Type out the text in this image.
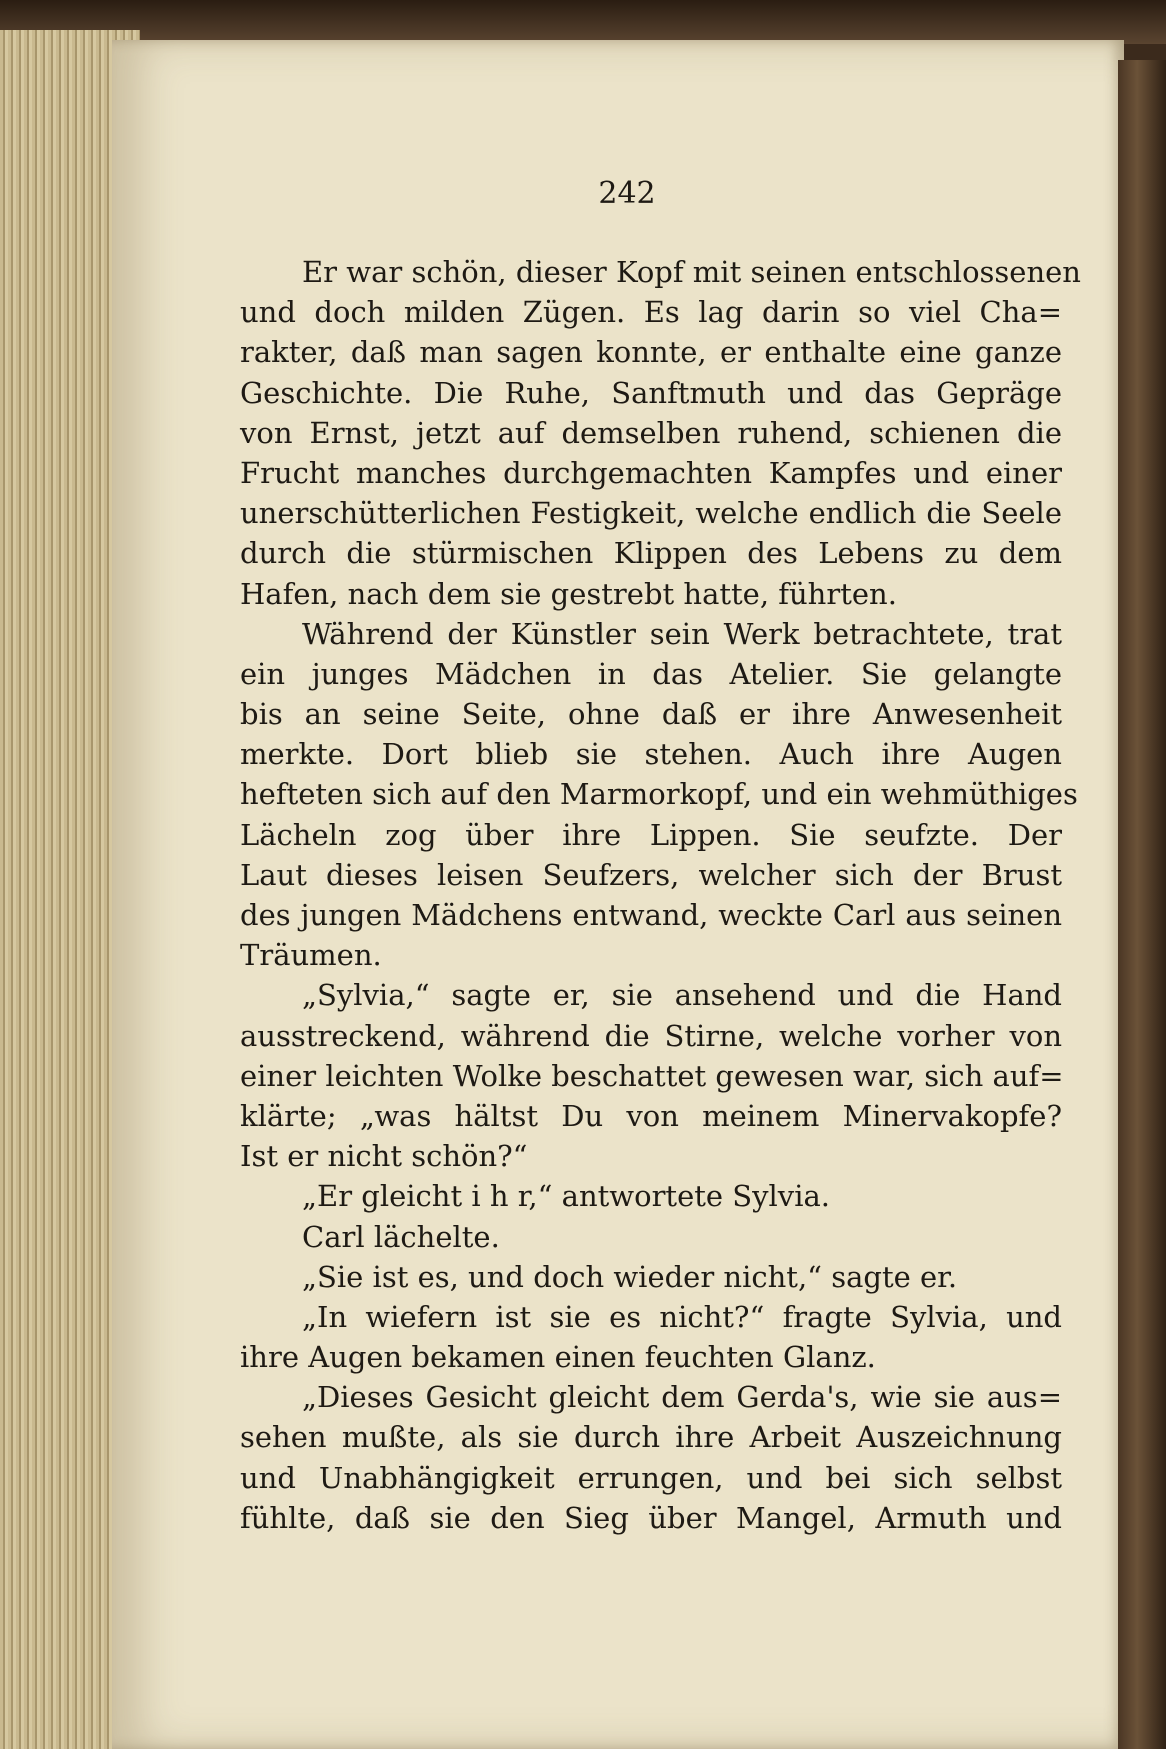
242
Er war schön, dieser Kopf mit seinen entschlossenen
und doch milden Zügen. Es lag darin so viel Cha=
rakter, daß man sagen konnte, er enthalte eine ganze
Geschichte. Die Ruhe, Sanftmuth und das Gepräge
von Ernst, jetzt auf demselben ruhend, schienen die
Frucht manches durchgemachten Kampfes und einer
unerschütterlichen Festigkeit, welche endlich die Seele
durch die stürmischen Klippen des Lebens zu dem
Hafen, nach dem sie gestrebt hatte, führten.
Während der Künstler sein Werk betrachtete, trat
ein junges Mädchen in das Atelier. Sie gelangte
bis an seine Seite, ohne daß er ihre Anwesenheit
merkte. Dort blieb sie stehen. Auch ihre Augen
hefteten sich auf den Marmorkopf, und ein wehmüthiges
Lächeln zog über ihre Lippen. Sie seufzte. Der
Laut dieses leisen Seufzers, welcher sich der Brust
des jungen Mädchens entwand, weckte Carl aus seinen
Träumen.
„Sylvia,“ sagte er, sie ansehend und die Hand
ausstreckend, während die Stirne, welche vorher von
einer leichten Wolke beschattet gewesen war, sich auf=
klärte; „was hältst Du von meinem Minervakopfe?
Ist er nicht schön?“
„Er gleicht i h r,“ antwortete Sylvia.
Carl lächelte.
„Sie ist es, und doch wieder nicht,“ sagte er.
„In wiefern ist sie es nicht?“ fragte Sylvia, und
ihre Augen bekamen einen feuchten Glanz.
„Dieses Gesicht gleicht dem Gerda's, wie sie aus=
sehen mußte, als sie durch ihre Arbeit Auszeichnung
und Unabhängigkeit errungen, und bei sich selbst
fühlte, daß sie den Sieg über Mangel, Armuth und
